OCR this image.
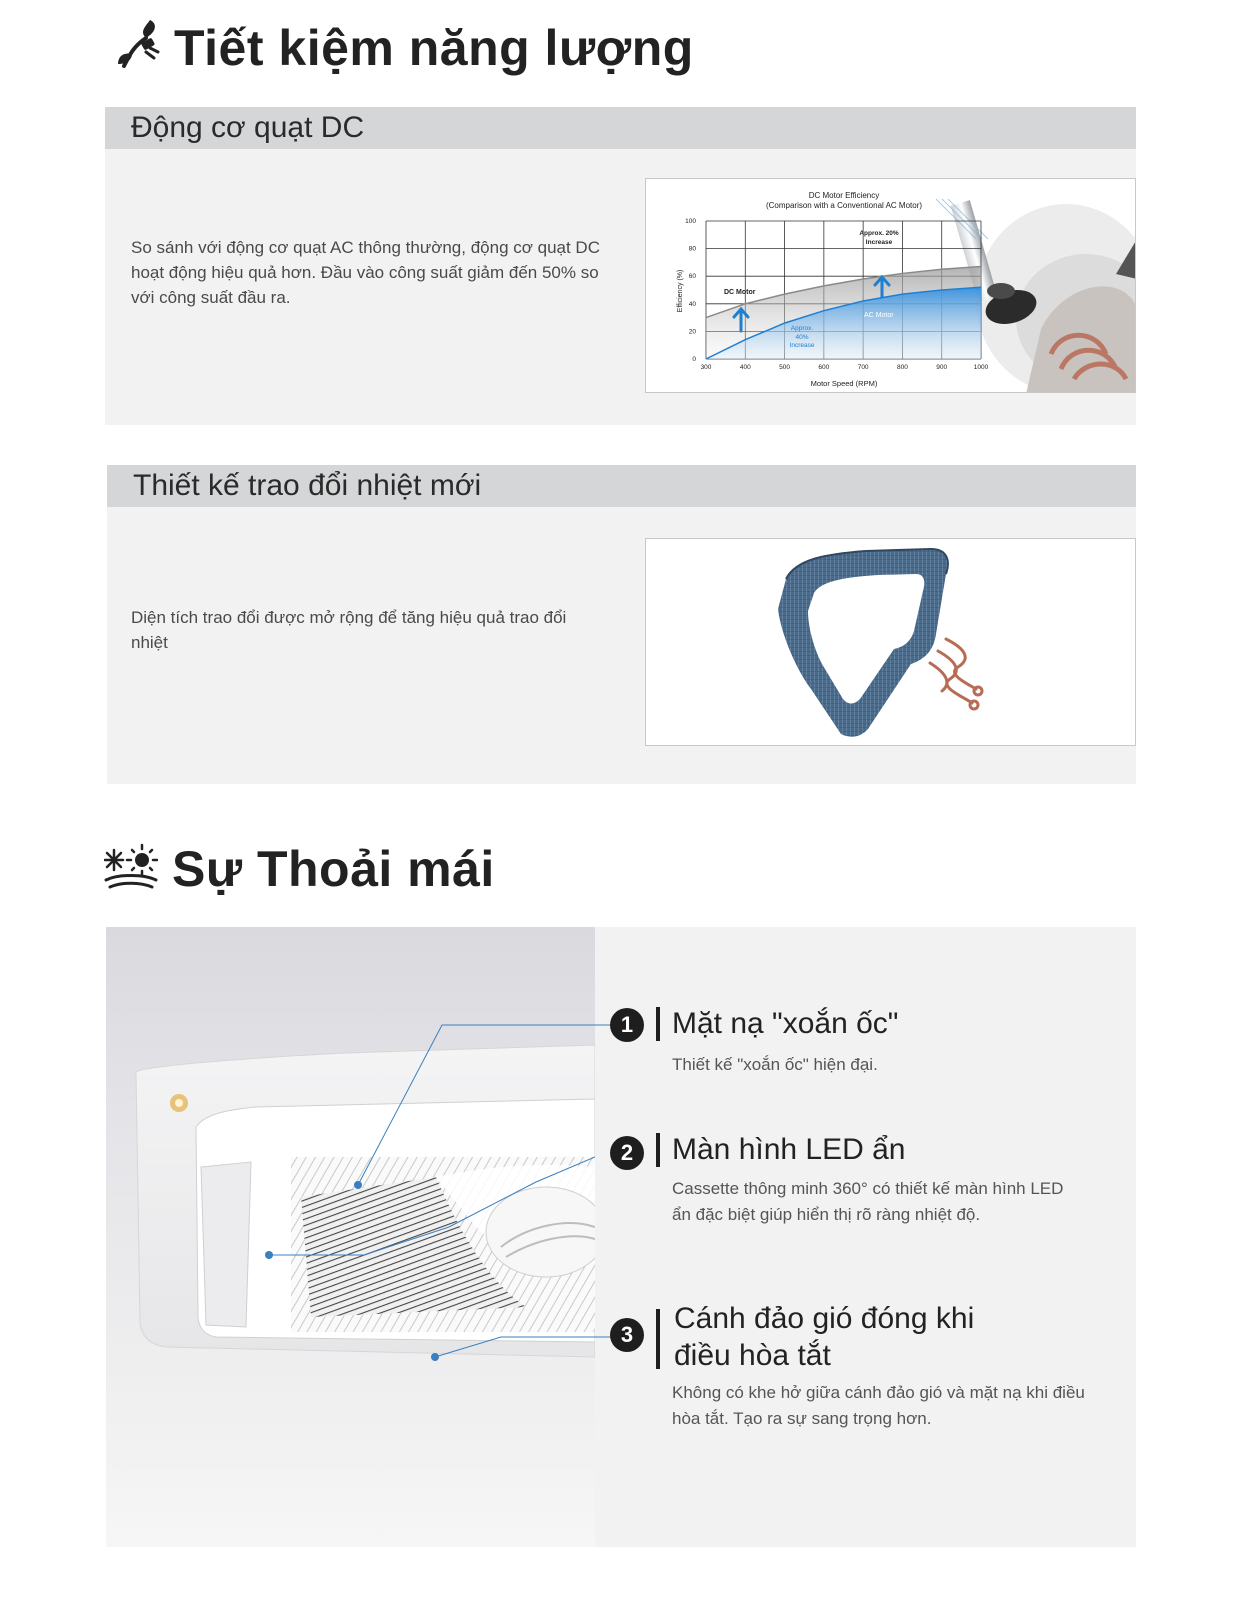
Tiết kiệm năng lượng
Động cơ quạt DC
So sánh với động cơ quạt AC thông thường, động cơ quạt DC hoạt động hiệu quả hơn. Đầu vào công suất giảm đến 50% so với công suất đầu ra.
300	400	500	600	700	800	900	1000
0
20
40
60
80
100
DC Motor Efficiency
(Comparison with a Conventional AC Motor)
Motor Speed (RPM)
Efficiency (%)	DC Motor
AC Motor
Approx. 20%
Increase
Approx.
40%
Increase
Thiết kế trao đổi nhiệt mới
Diện tích trao đổi được mở rộng để tăng hiệu quả trao đổi nhiệt
Sự Thoải mái
1	Mặt nạ "xoắn ốc"
Thiết kế "xoắn ốc" hiện đại.
2	Màn hình LED ẩn
Cassette thông minh 360° có thiết kế màn hình LED ẩn đặc biệt giúp hiển thị rõ ràng nhiệt độ.
3	Cánh đảo gió đóng khi
điều hòa tắt
Không có khe hở giữa cánh đảo gió và mặt nạ khi điều hòa tắt. Tạo ra sự sang trọng hơn.
